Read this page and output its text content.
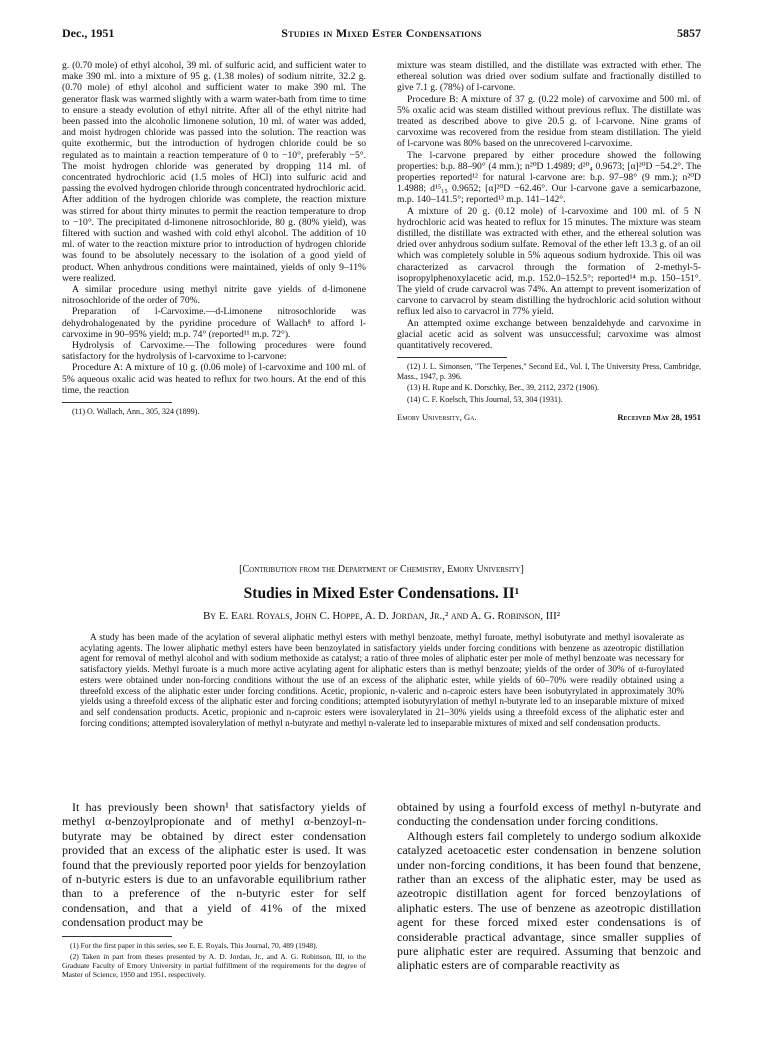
Dec., 1951	Studies in Mixed Ester Condensations	5857

g. (0.70 mole) of ethyl alcohol, 39 ml. of sulfuric acid, and sufficient water to make 390 ml. into a mixture of 95 g. (1.38 moles) of sodium nitrite, 32.2 g. (0.70 mole) of ethyl alcohol and sufficient water to make 390 ml. The generator flask was warmed slightly with a warm water-bath from time to time to ensure a steady evolution of ethyl nitrite. After all of the ethyl nitrite had been passed into the alcoholic limonene solution, 10 ml. of water was added, and moist hydrogen chloride was passed into the solution. The reaction was quite exothermic, but the introduction of hydrogen chloride could be so regulated as to maintain a reaction temperature of 0 to −10°, preferably −5°. The moist hydrogen chloride was generated by dropping 114 ml. of concentrated hydrochloric acid (1.5 moles of HCl) into sulfuric acid and passing the evolved hydrogen chloride through concentrated hydrochloric acid. After addition of the hydrogen chloride was complete, the reaction mixture was stirred for about thirty minutes to permit the reaction temperature to drop to −10°. The precipitated d-limonene nitrosochloride, 80 g. (80% yield), was filtered with suction and washed with cold ethyl alcohol. The addition of 10 ml. of water to the reaction mixture prior to introduction of hydrogen chloride was found to be absolutely necessary to the isolation of a good yield of product. When anhydrous conditions were maintained, yields of only 9–11% were realized.

A similar procedure using methyl nitrite gave yields of d-limonene nitrosochloride of the order of 70%.

Preparation of l-Carvoxime.—d-Limonene nitrosochloride was dehydrohalogenated by the pyridine procedure of Wallach⁸ to afford l-carvoxime in 90–95% yield; m.p. 74° (reported¹¹ m.p. 72°).

Hydrolysis of Carvoxime.—The following procedures were found satisfactory for the hydrolysis of l-carvoxime to l-carvone:

Procedure A: A mixture of 10 g. (0.06 mole) of l-carvoxime and 100 ml. of 5% aqueous oxalic acid was heated to reflux for two hours. At the end of this time, the reaction

(11) O. Wallach, Ann., 305, 324 (1899).

mixture was steam distilled, and the distillate was extracted with ether. The ethereal solution was dried over sodium sulfate and fractionally distilled to give 7.1 g. (78%) of l-carvone.

Procedure B: A mixture of 37 g. (0.22 mole) of carvoxime and 500 ml. of 5% oxalic acid was steam distilled without previous reflux. The distillate was treated as described above to give 20.5 g. of l-carvone. Nine grams of carvoxime was recovered from the residue from steam distillation. The yield of l-carvone was 80% based on the unrecovered l-carvoxime.

The l-carvone prepared by either procedure showed the following properties: b.p. 88–90° (4 mm.); n²⁰D 1.4989; d²⁰₄ 0.9673; [α]²⁰D −54.2°. The properties reported¹² for natural l-carvone are: b.p. 97–98° (9 mm.); n²⁰D 1.4988; d¹⁵₁₅ 0.9652; [α]²⁰D −62.46°. Our l-carvone gave a semicarbazone, m.p. 140–141.5°; reported¹³ m.p. 141–142°.

A mixture of 20 g. (0.12 mole) of l-carvoxime and 100 ml. of 5 N hydrochloric acid was heated to reflux for 15 minutes. The mixture was steam distilled, the distillate was extracted with ether, and the ethereal solution was dried over anhydrous sodium sulfate. Removal of the ether left 13.3 g. of an oil which was completely soluble in 5% aqueous sodium hydroxide. This oil was characterized as carvacrol through the formation of 2-methyl-5-isopropylphenoxylacetic acid, m.p. 152.0–152.5°; reported¹⁴ m.p. 150–151°. The yield of crude carvacrol was 74%. An attempt to prevent isomerization of carvone to carvacrol by steam distilling the hydrochloric acid solution without reflux led also to carvacrol in 77% yield.

An attempted oxime exchange between benzaldehyde and carvoxime in glacial acetic acid as solvent was unsuccessful; carvoxime was almost quantitatively recovered.

(12) J. L. Simonsen, "The Terpenes," Second Ed., Vol. I, The University Press, Cambridge, Mass., 1947, p. 396.

(13) H. Rupe and K. Dorschky, Ber., 39, 2112, 2372 (1906).

(14) C. F. Koelsch, This Journal, 53, 304 (1931).

Emory University, Ga.	Received May 28, 1951
[Contribution from the Department of Chemistry, Emory University]
Studies in Mixed Ester Condensations. II¹
By E. Earl Royals, John C. Hoppe, A. D. Jordan, Jr.,² and A. G. Robinson, III²
A study has been made of the acylation of several aliphatic methyl esters with methyl benzoate, methyl furoate, methyl isobutyrate and methyl isovalerate as acylating agents. The lower aliphatic methyl esters have been benzoylated in satisfactory yields under forcing conditions with benzene as azeotropic distillation agent for removal of methyl alcohol and with sodium methoxide as catalyst; a ratio of three moles of aliphatic ester per mole of methyl benzoate was necessary for satisfactory yields. Methyl furoate is a much more active acylating agent for aliphatic esters than is methyl benzoate; yields of the order of 30% of α-furoylated esters were obtained under non-forcing conditions without the use of an excess of the aliphatic ester, while yields of 60–70% were readily obtained using a threefold excess of the aliphatic ester under forcing conditions. Acetic, propionic, n-valeric and n-caproic esters have been isobutyrylated in approximately 30% yields using a threefold excess of the aliphatic ester and forcing conditions; attempted isobutyrylation of methyl n-butyrate led to an inseparable mixture of mixed and self condensation products. Acetic, propionic and n-caproic esters were isovalerylated in 21–30% yields using a threefold excess of the aliphatic ester and forcing conditions; attempted isovalerylation of methyl n-butyrate and methyl n-valerate led to inseparable mixtures of mixed and self condensation products.

It has previously been shown¹ that satisfactory yields of methyl α-benzoylpropionate and of methyl α-benzoyl-n-butyrate may be obtained by direct ester condensation provided that an excess of the aliphatic ester is used. It was found that the previously reported poor yields for benzoylation of n-butyric esters is due to an unfavorable equilibrium rather than to a preference of the n-butyric ester for self condensation, and that a yield of 41% of the mixed condensation product may be

(1) For the first paper in this series, see E. E. Royals, This Journal, 70, 489 (1948).

(2) Taken in part from theses presented by A. D. Jordan, Jr., and A. G. Robinson, III, to the Graduate Faculty of Emory University in partial fulfillment of the requirements for the degree of Master of Science, 1950 and 1951, respectively.

obtained by using a fourfold excess of methyl n-butyrate and conducting the condensation under forcing conditions.

Although esters fail completely to undergo sodium alkoxide catalyzed acetoacetic ester condensation in benzene solution under non-forcing conditions, it has been found that benzene, rather than an excess of the aliphatic ester, may be used as azeotropic distillation agent for forced benzoylations of aliphatic esters. The use of benzene as azeotropic distillation agent for these forced mixed ester condensations is of considerable practical advantage, since smaller supplies of pure aliphatic ester are required. Assuming that benzoic and aliphatic esters are of comparable reactivity as
